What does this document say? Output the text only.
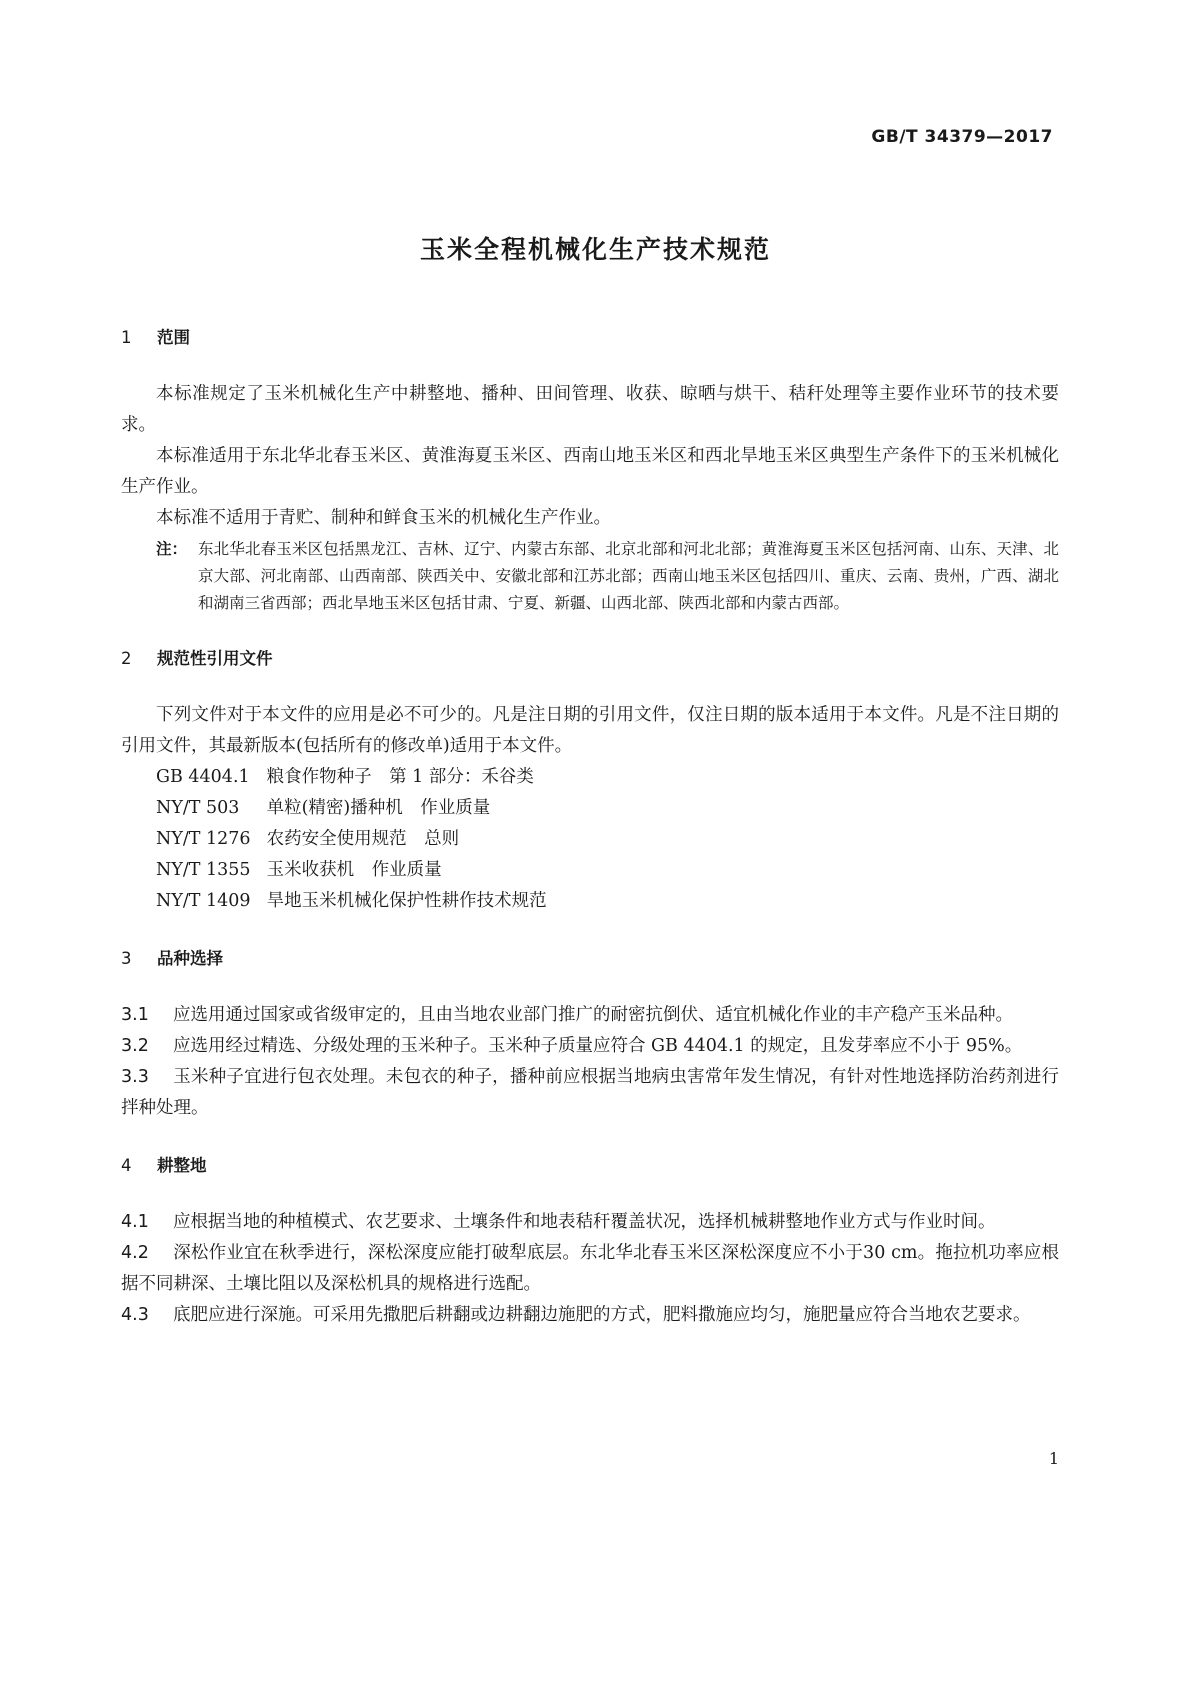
GB/T 34379—2017
玉米全程机械化生产技术规范
1 范围

本标准规定了玉米机械化生产中耕整地、播种、田间管理、收获、晾晒与烘干、秸秆处理等主要作业环节的技术要求。

本标准适用于东北华北春玉米区、黄淮海夏玉米区、西南山地玉米区和西北旱地玉米区典型生产条件下的玉米机械化生产作业。

本标准不适用于青贮、制种和鲜食玉米的机械化生产作业。

注： 东北华北春玉米区包括黑龙江、吉林、辽宁、内蒙古东部、北京北部和河北北部；黄淮海夏玉米区包括河南、山东、天津、北京大部、河北南部、山西南部、陕西关中、安徽北部和江苏北部；西南山地玉米区包括四川、重庆、云南、贵州，广西、湖北和湖南三省西部；西北旱地玉米区包括甘肃、宁夏、新疆、山西北部、陕西北部和内蒙古西部。
2 规范性引用文件

下列文件对于本文件的应用是必不可少的。凡是注日期的引用文件，仅注日期的版本适用于本文件。凡是不注日期的引用文件，其最新版本(包括所有的修改单)适用于本文件。

GB 4404.1 粮食作物种子　第 1 部分：禾谷类
NY/T 503 单粒(精密)播种机　作业质量
NY/T 1276 农药安全使用规范　总则
NY/T 1355 玉米收获机　作业质量
NY/T 1409 旱地玉米机械化保护性耕作技术规范
3 品种选择

3.1 应选用通过国家或省级审定的，且由当地农业部门推广的耐密抗倒伏、适宜机械化作业的丰产稳产玉米品种。

3.2 应选用经过精选、分级处理的玉米种子。玉米种子质量应符合 GB 4404.1 的规定，且发芽率应不小于 95%。

3.3 玉米种子宜进行包衣处理。未包衣的种子，播种前应根据当地病虫害常年发生情况，有针对性地选择防治药剂进行拌种处理。

4 耕整地

4.1 应根据当地的种植模式、农艺要求、土壤条件和地表秸秆覆盖状况，选择机械耕整地作业方式与作业时间。

4.2 深松作业宜在秋季进行，深松深度应能打破犁底层。东北华北春玉米区深松深度应不小于30 cm。拖拉机功率应根据不同耕深、土壤比阻以及深松机具的规格进行选配。

4.3 底肥应进行深施。可采用先撒肥后耕翻或边耕翻边施肥的方式，肥料撒施应均匀，施肥量应符合当地农艺要求。

1
